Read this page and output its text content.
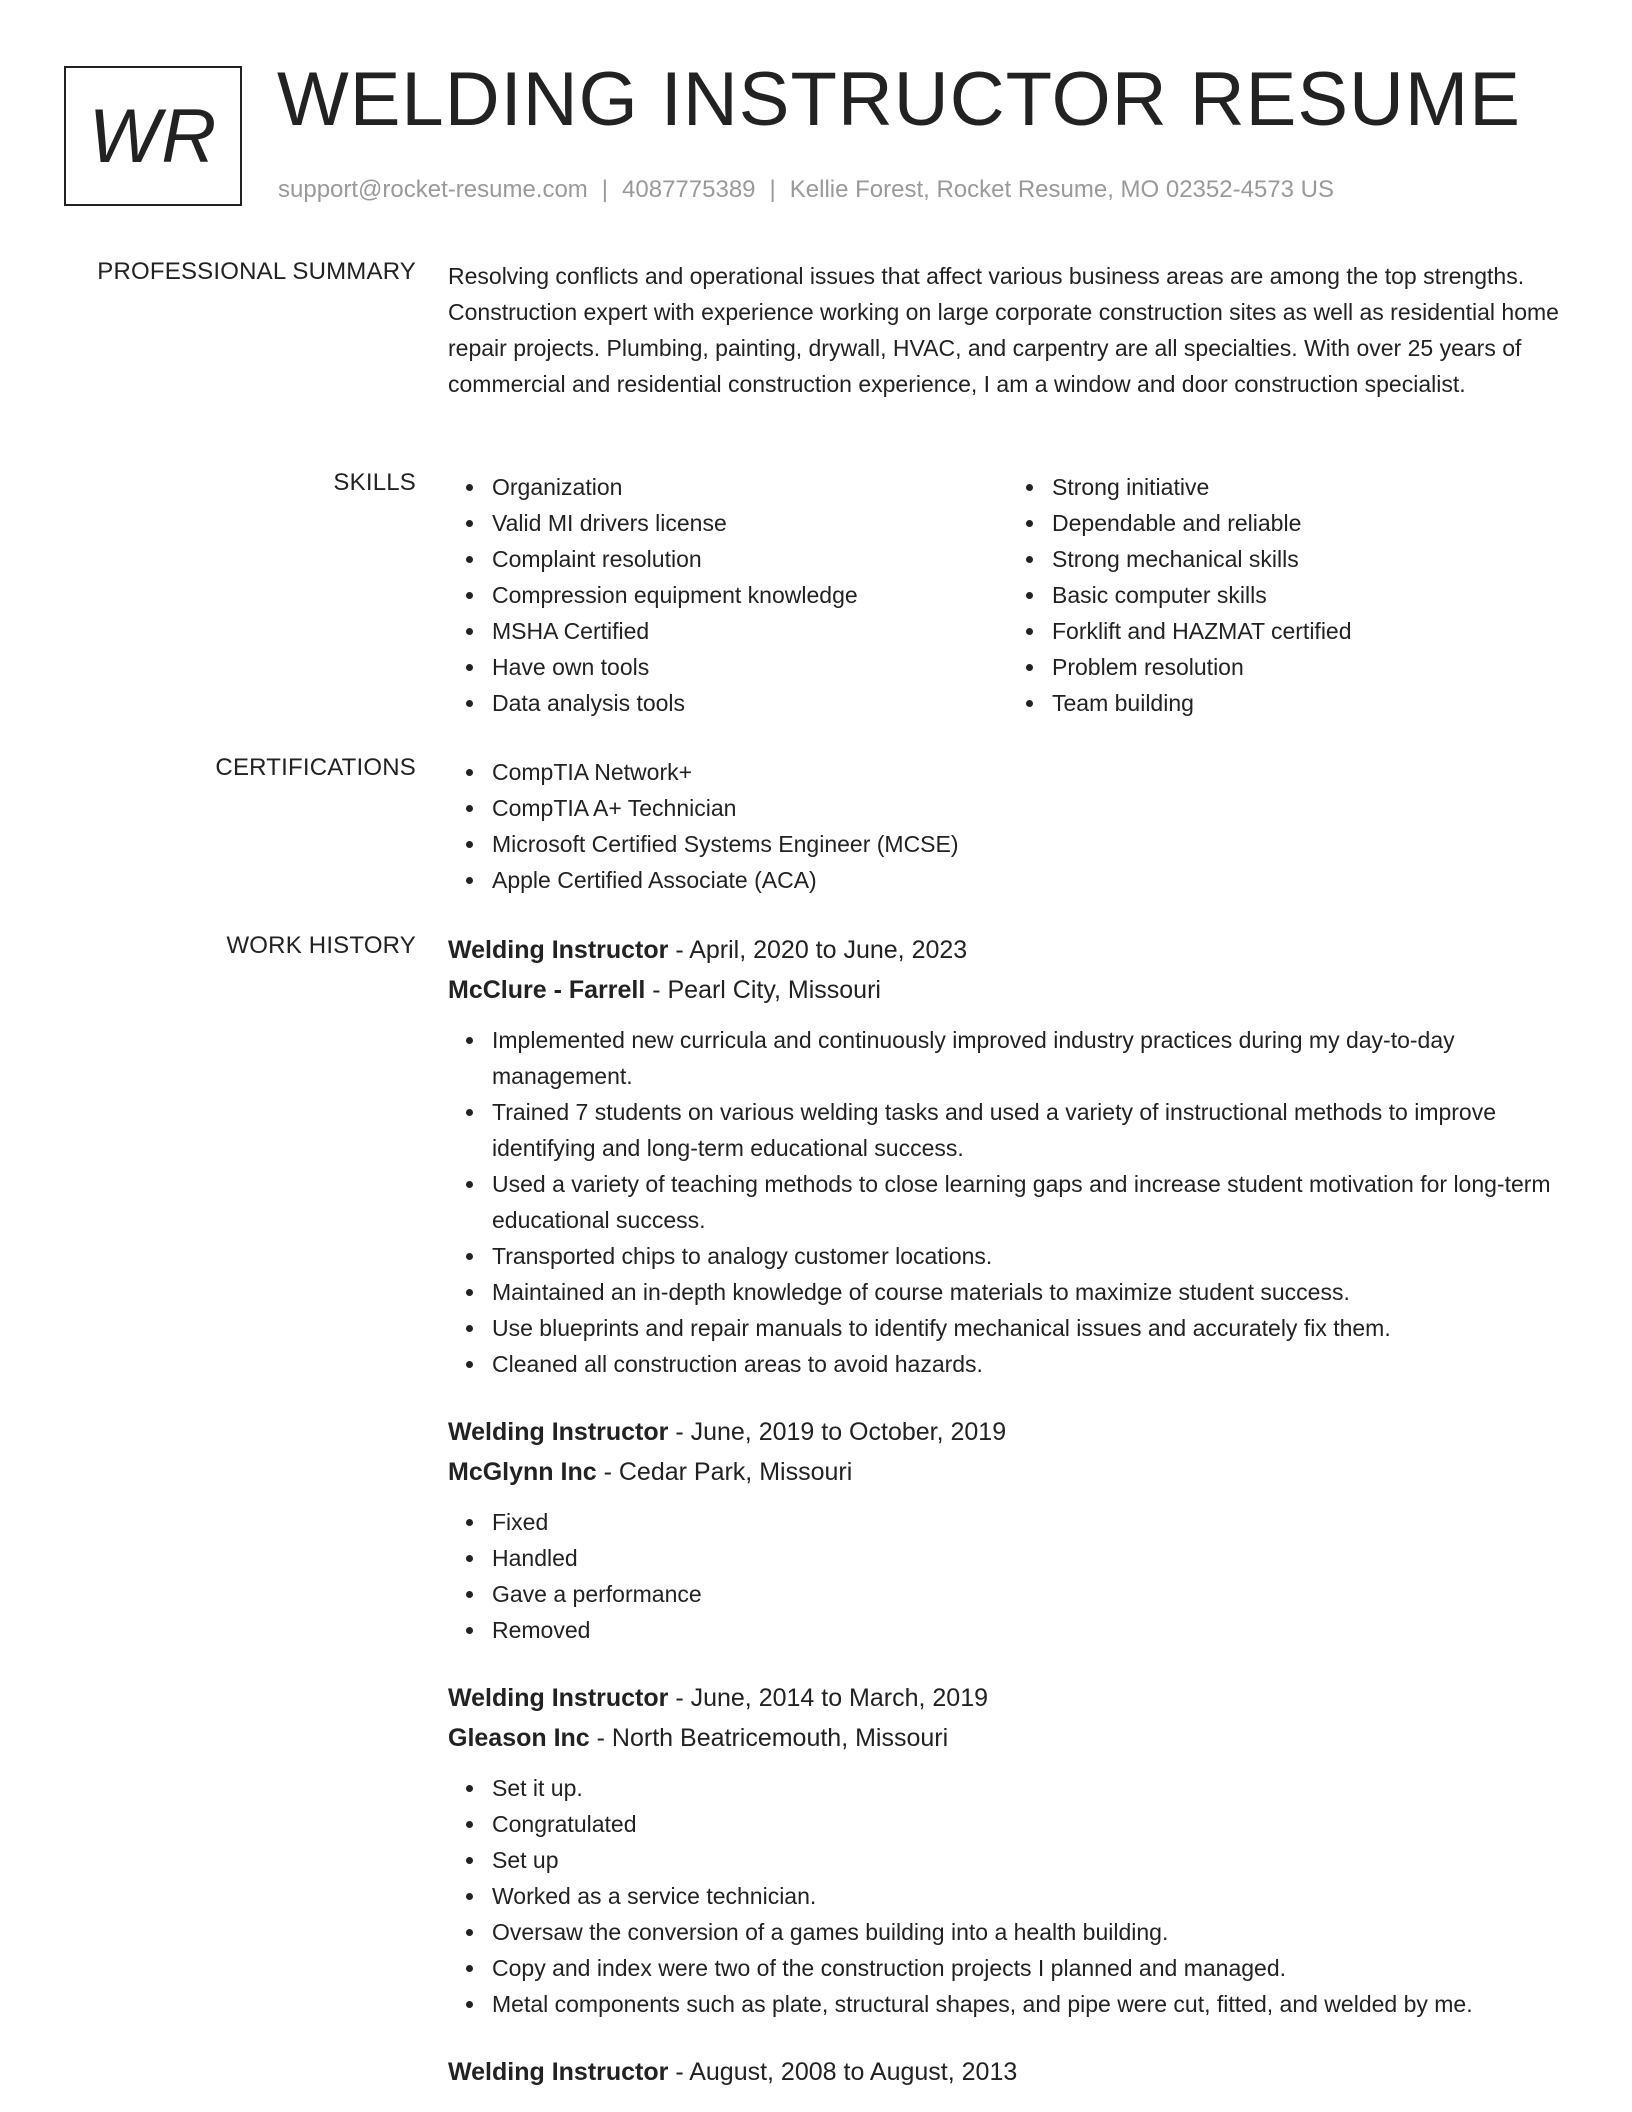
WR WELDING INSTRUCTOR RESUME
support@rocket-resume.com | 4087775389 | Kellie Forest, Rocket Resume, MO 02352-4573 US
PROFESSIONAL SUMMARY Resolving conflicts and operational issues that affect various business areas are among the top strengths. Construction expert with experience working on large corporate construction sites as well as residential home repair projects. Plumbing, painting, drywall, HVAC, and carpentry are all specialties. With over 25 years of commercial and residential construction experience, I am a window and door construction specialist.
SKILLS	Organization
Valid MI drivers license
Complaint resolution
Compression equipment knowledge
MSHA Certified
Have own tools
Data analysis tools
Strong initiative
Dependable and reliable
Strong mechanical skills
Basic computer skills
Forklift and HAZMAT certified
Problem resolution
Team building
CERTIFICATIONS	CompTIA Network+
CompTIA A+ Technician
Microsoft Certified Systems Engineer (MCSE)
Apple Certified Associate (ACA)
WORK HISTORY Welding Instructor - April, 2020 to June, 2023
McClure - Farrell - Pearl City, Missouri
Implemented new curricula and continuously improved industry practices during my day-to-day management.
Trained 7 students on various welding tasks and used a variety of instructional methods to improve identifying and long-term educational success.
Used a variety of teaching methods to close learning gaps and increase student motivation for long-term educational success.
Transported chips to analogy customer locations.
Maintained an in-depth knowledge of course materials to maximize student success.
Use blueprints and repair manuals to identify mechanical issues and accurately fix them.
Cleaned all construction areas to avoid hazards.
Welding Instructor - June, 2019 to October, 2019
McGlynn Inc - Cedar Park, Missouri
Fixed
Handled
Gave a performance
Removed
Welding Instructor - June, 2014 to March, 2019
Gleason Inc - North Beatricemouth, Missouri
Set it up.
Congratulated
Set up
Worked as a service technician.
Oversaw the conversion of a games building into a health building.
Copy and index were two of the construction projects I planned and managed.
Metal components such as plate, structural shapes, and pipe were cut, fitted, and welded by me.
Welding Instructor - August, 2008 to August, 2013
